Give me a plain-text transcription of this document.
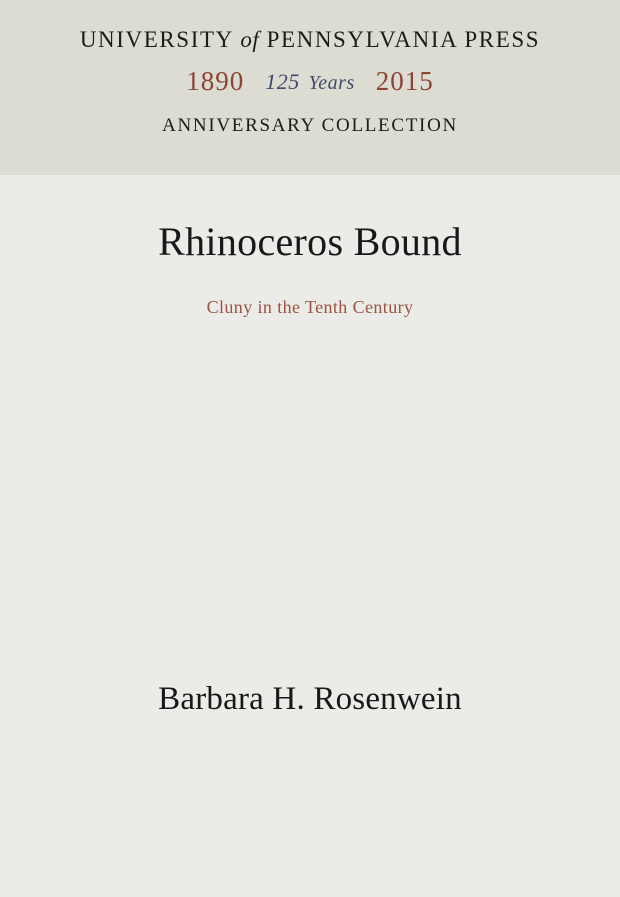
UNIVERSITY of PENNSYLVANIA PRESS
1890 125 Years 2015
ANNIVERSARY COLLECTION
Rhinoceros Bound
Cluny in the Tenth Century
Barbara H. Rosenwein
